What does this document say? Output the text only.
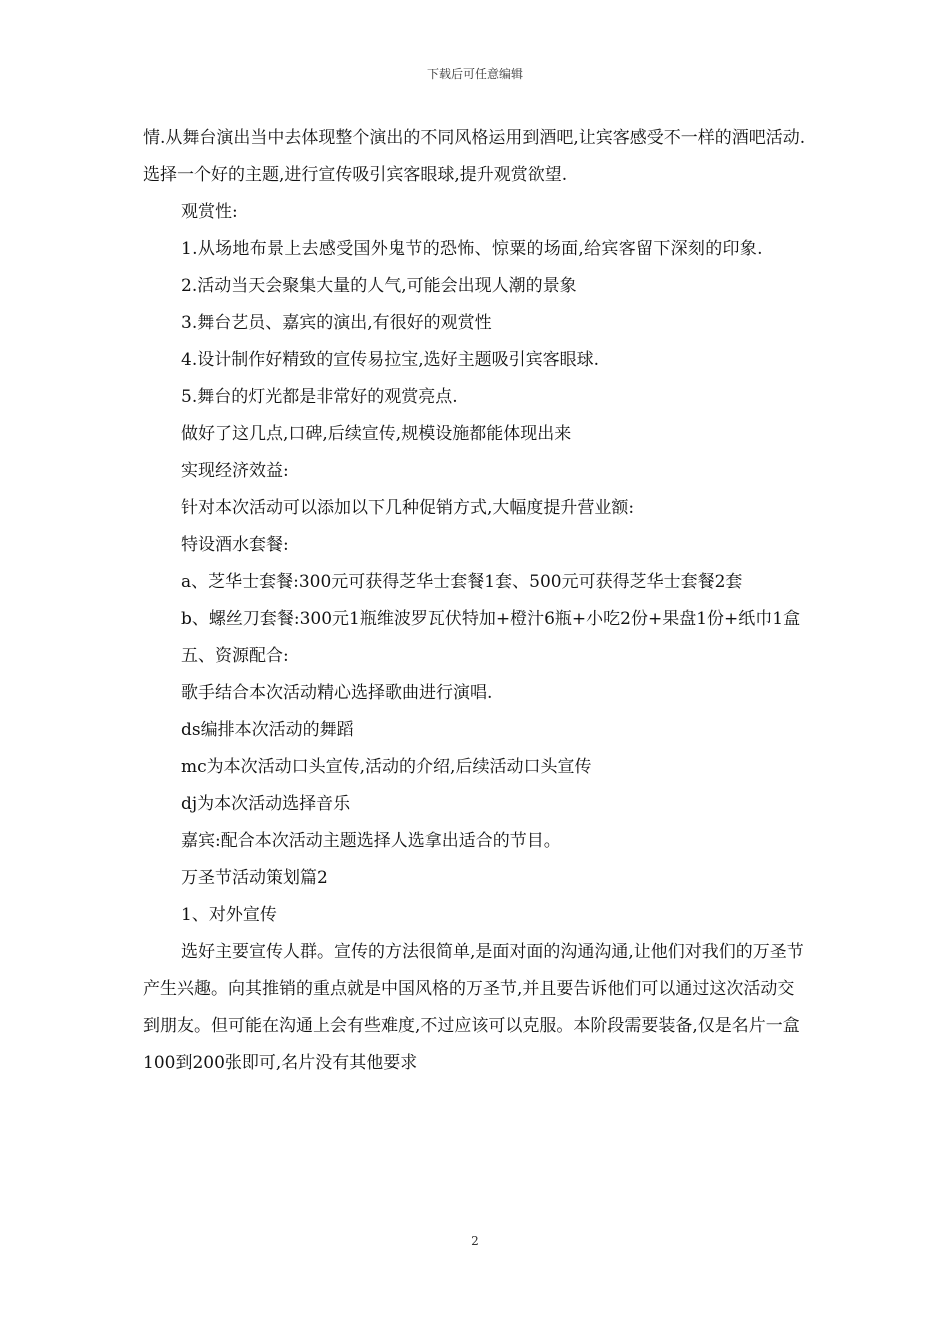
下载后可任意编辑

情.从舞台演出当中去体现整个演出的不同风格运用到酒吧,让宾客感受不一样的酒吧活动.选择一个好的主题,进行宣传吸引宾客眼球,提升观赏欲望.

观赏性:

1.从场地布景上去感受国外鬼节的恐怖、惊粟的场面,给宾客留下深刻的印象.

2.活动当天会聚集大量的人气,可能会出现人潮的景象

3.舞台艺员、嘉宾的演出,有很好的观赏性

4.设计制作好精致的宣传易拉宝,选好主题吸引宾客眼球.

5.舞台的灯光都是非常好的观赏亮点.

做好了这几点,口碑,后续宣传,规模设施都能体现出来

实现经济效益:

针对本次活动可以添加以下几种促销方式,大幅度提升营业额:

特设酒水套餐:

a、芝华士套餐:300元可获得芝华士套餐1套、500元可获得芝华士套餐2套

b、螺丝刀套餐:300元1瓶维波罗瓦伏特加+橙汁6瓶+小吃2份+果盘1份+纸巾1盒

五、资源配合:

歌手结合本次活动精心选择歌曲进行演唱.

ds编排本次活动的舞蹈

mc为本次活动口头宣传,活动的介绍,后续活动口头宣传

dj为本次活动选择音乐

嘉宾:配合本次活动主题选择人选拿出适合的节目。

万圣节活动策划篇2

1、对外宣传

选好主要宣传人群。宣传的方法很简单,是面对面的沟通沟通,让他们对我们的万圣节产生兴趣。向其推销的重点就是中国风格的万圣节,并且要告诉他们可以通过这次活动交到朋友。但可能在沟通上会有些难度,不过应该可以克服。本阶段需要装备,仅是名片一盒100到200张即可,名片没有其他要求

2
